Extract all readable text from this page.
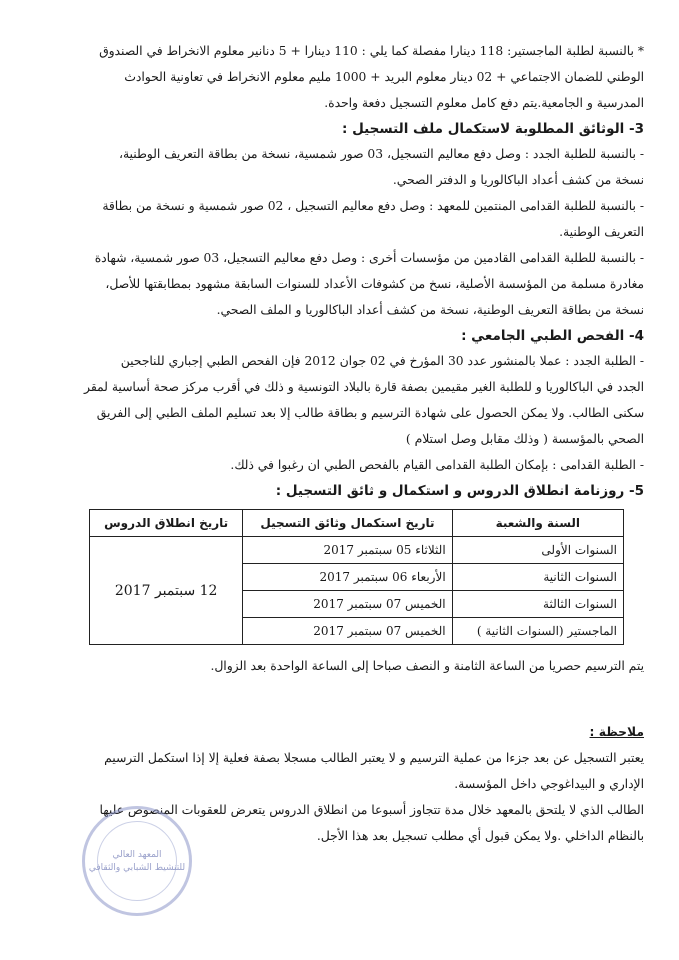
* بالنسبة لطلبة الماجستير: 118 دينارا مفصلة كما يلي : 110 دينارا + 5 دنانير معلوم الانخراط في الصندوق

الوطني للضمان الاجتماعي + 02 دينار معلوم البريد + 1000 مليم معلوم الانخراط في تعاونية الحوادث

المدرسية و الجامعية.يتم دفع كامل معلوم التسجيل دفعة واحدة.

3- الوثائق المطلوبة لاستكمال ملف التسجيل :

- بالنسبة للطلبة الجدد : وصل دفع معاليم التسجيل، 03 صور شمسية، نسخة من بطاقة التعريف الوطنية،

نسخة من كشف أعداد الباكالوريا و الدفتر الصحي.

- بالنسبة للطلبة القدامى المنتمين للمعهد : وصل دفع معاليم التسجيل ، 02 صور شمسية و نسخة من بطاقة

التعريف الوطنية.

- بالنسبة للطلبة القدامى القادمين من مؤسسات أخرى : وصل دفع معاليم التسجيل، 03 صور شمسية، شهادة

مغادرة مسلمة من المؤسسة الأصلية، نسخ من كشوفات الأعداد للسنوات السابقة مشهود بمطابقتها للأصل،

نسخة من بطاقة التعريف الوطنية، نسخة من كشف أعداد الباكالوريا و الملف الصحي.

4- الفحص الطبي الجامعي :

- الطلبة الجدد : عملا بالمنشور عدد 30 المؤرخ في 02 جوان 2012 فإن الفحص الطبي إجباري للناجحين

الجدد في الباكالوريا و للطلبة الغير مقيمين بصفة قارة بالبلاد التونسية و ذلك في أقرب مركز صحة أساسية لمقر

سكنى الطالب. ولا يمكن الحصول على شهادة الترسيم و بطاقة طالب إلا بعد تسليم الملف الطبي إلى الفريق

الصحي بالمؤسسة ( وذلك مقابل وصل استلام )

- الطلبة القدامى : بإمكان الطلبة القدامى القيام بالفحص الطبي ان رغبوا في ذلك.

5- روزنامة انطلاق الدروس و استكمال و ثائق التسجيل :

السنة والشعبة	تاريخ استكمال وثائق التسجيل	تاريخ انطلاق الدروس
السنوات الأولى	الثلاثاء 05 سبتمبر 2017	12 سبتمبر 2017
السنوات الثانية	الأربعاء 06 سبتمبر 2017	
السنوات الثالثة	الخميس 07 سبتمبر 2017	
الماجستير (السنوات الثانية )	الخميس 07 سبتمبر 2017	

يتم الترسيم حصريا من الساعة الثامنة و النصف صباحا إلى الساعة الواحدة بعد الزوال.

ملاحظة :

يعتبر التسجيل عن بعد جزءا من عملية الترسيم و لا يعتبر الطالب مسجلا بصفة فعلية إلا إذا استكمل الترسيم

الإداري و البيداغوجي داخل المؤسسة.

الطالب الذي لا يلتحق بالمعهد خلال مدة تتجاوز أسبوعا من انطلاق الدروس يتعرض للعقوبات المنصوص عليها

بالنظام الداخلي .ولا يمكن قبول أي مطلب تسجيل بعد هذا الأجل.

المعهد العالي
للتنشيط الشبابي والثقافي
